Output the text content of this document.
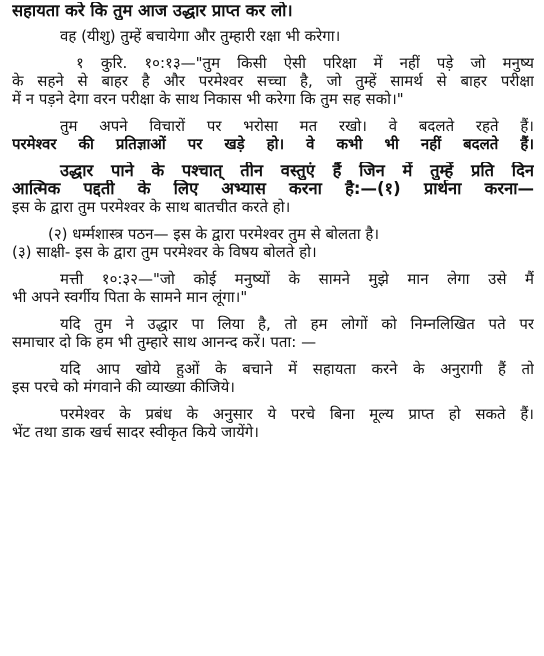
सहायता करे कि तुम आज उद्धार प्राप्त कर लो।
वह (यीशु) तुम्हें बचायेगा और तुम्हारी रक्षा भी करेगा।
१ कुरि. १०:१३—"तुम किसी ऐसी परिक्षा में नहीं पड़े जो मनुष्य
के सहने से बाहर है और परमेश्वर सच्चा है, जो तुम्हें सामर्थ से बाहर परीक्षा
में न पड़ने देगा वरन परीक्षा के साथ निकास भी करेगा कि तुम सह सको।"
तुम अपने विचारों पर भरोसा मत रखो। वे बदलते रहते हैं।
परमेश्वर की प्रतिज्ञाओं पर खड़े हो। वे कभी भी नहीं बदलते हैं।
उद्धार पाने के पश्चात् तीन वस्तुएं हैं जिन में तुम्हें प्रति दिन
आत्मिक पद्दती के लिए अभ्यास करना है:—(१) प्रार्थना करना—
इस के द्वारा तुम परमेश्वर के साथ बातचीत करते हो।
(२) धर्म्मशास्त्र पठन— इस के द्वारा परमेश्वर तुम से बोलता है।
(३) साक्षी- इस के द्वारा तुम परमेश्वर के विषय बोलते हो।
मत्ती १०:३२—"जो कोई मनुष्यों के सामने मुझे मान लेगा उसे मैं
भी अपने स्वर्गीय पिता के सामने मान लूंगा।"
यदि तुम ने उद्धार पा लिया है, तो हम लोगों को निम्नलिखित पते पर
समाचार दो कि हम भी तुम्हारे साथ आनन्द करें। पता: —
यदि आप खोये हुओं के बचाने में सहायता करने के अनुरागी हैं तो
इस परचे को मंगवाने की व्याख्या कीजिये।
परमेश्वर के प्रबंध के अनुसार ये परचे बिना मूल्य प्राप्त हो सकते हैं।
भेंट तथा डाक खर्च सादर स्वीकृत किये जायेंगे।
